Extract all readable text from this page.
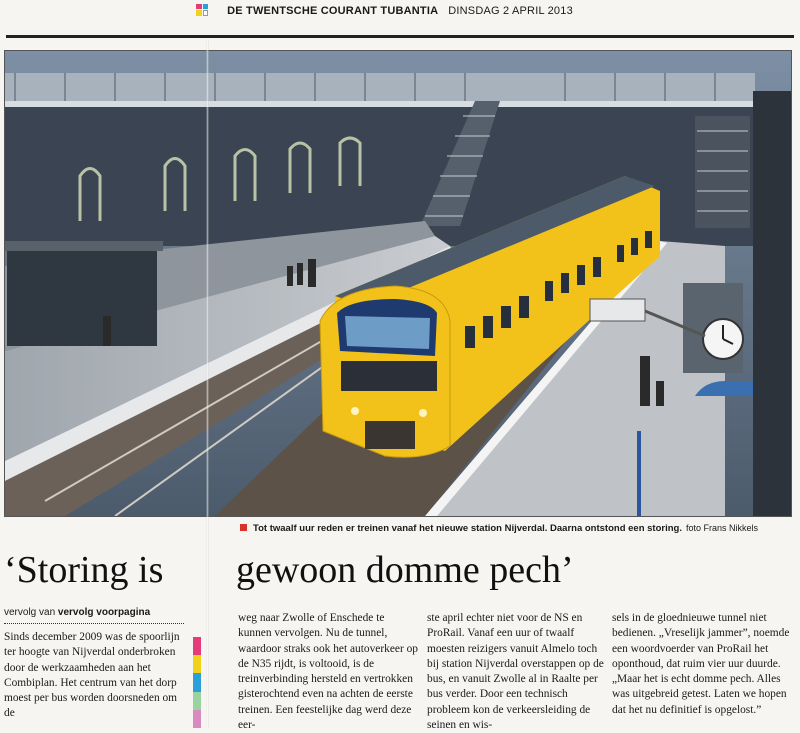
DE TWENTSCHE COURANT TUBANTIA DINSDAG 2 APRIL 2013
Tot twaalf uur reden er treinen vanaf het nieuwe station Nijverdal. Daarna ontstond een storing. foto Frans Nikkels
‘Storing is gewoon domme pech’
vervolg van vervolg voorpagina

Sinds december 2009 was de spoorlijn ter hoogte van Nijverdal onderbroken door de werkzaamheden aan het Combiplan. Het centrum van het dorp moest per bus worden doorsneden om de

weg naar Zwolle of Enschede te kunnen vervolgen. Nu de tunnel, waardoor straks ook het autoverkeer op de N35 rijdt, is voltooid, is de treinverbinding hersteld en vertrokken gisterochtend even na achten de eerste treinen. Een feestelijke dag werd deze eer-

ste april echter niet voor de NS en ProRail. Vanaf een uur of twaalf moesten reizigers vanuit Almelo toch bij station Nijverdal overstappen op de bus, en vanuit Zwolle al in Raalte per bus verder. Door een technisch probleem kon de verkeersleiding de seinen en wis-

sels in de gloednieuwe tunnel niet bedienen. „Vreselijk jammer”, noemde een woordvoerder van ProRail het oponthoud, dat ruim vier uur duurde. „Maar het is echt domme pech. Alles was uitgebreid getest. Laten we hopen dat het nu definitief is opgelost.”
